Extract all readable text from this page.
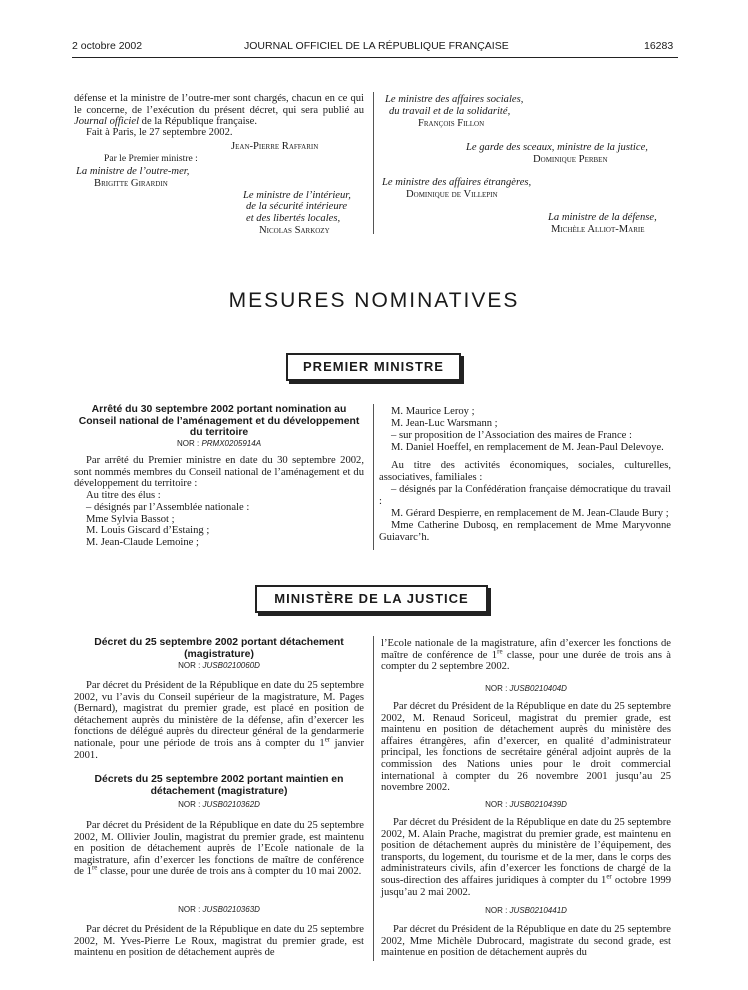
2 octobre 2002	JOURNAL OFFICIEL DE LA RÉPUBLIQUE FRANÇAISE	16283
défense et la ministre de l’outre-mer sont chargés, chacun en ce qui le concerne, de l’exécution du présent décret, qui sera publié au Journal officiel de la République française.
Fait à Paris, le 27 septembre 2002.
Jean-Pierre Raffarin
Par le Premier ministre :
La ministre de l’outre-mer,
Brigitte Girardin
Le ministre de l’intérieur,
de la sécurité intérieure
et des libertés locales,
Nicolas Sarkozy
Le ministre des affaires sociales,
du travail et de la solidarité,
François Fillon
Le garde des sceaux, ministre de la justice,
Dominique Perben
Le ministre des affaires étrangères,
Dominique de Villepin
La ministre de la défense,
Michèle Alliot-Marie
MESURES NOMINATIVES
PREMIER MINISTRE
Arrêté du 30 septembre 2002 portant nomination au Conseil national de l’aménagement et du développement du territoire
NOR : PRMX0205914A
Par arrêté du Premier ministre en date du 30 septembre 2002, sont nommés membres du Conseil national de l’aménagement et du développement du territoire :
Au titre des élus :
– désignés par l’Assemblée nationale :
Mme Sylvia Bassot ;
M. Louis Giscard d’Estaing ;
M. Jean-Claude Lemoine ;
M. Maurice Leroy ;
M. Jean-Luc Warsmann ;
– sur proposition de l’Association des maires de France :
M. Daniel Hoeffel, en remplacement de M. Jean-Paul Delevoye.
Au titre des activités économiques, sociales, culturelles, associatives, familiales :
– désignés par la Confédération française démocratique du travail :
M. Gérard Despierre, en remplacement de M. Jean-Claude Bury ;
Mme Catherine Dubosq, en remplacement de Mme Maryvonne Guiavarc’h.
MINISTÈRE DE LA JUSTICE
Décret du 25 septembre 2002 portant détachement (magistrature)
NOR : JUSB0210060D
Par décret du Président de la République en date du 25 septembre 2002, vu l’avis du Conseil supérieur de la magistrature, M. Pages (Bernard), magistrat du premier grade, est placé en position de détachement auprès du ministère de la défense, afin d’exercer les fonctions de délégué auprès du directeur général de la gendarmerie nationale, pour une période de trois ans à compter du 1er janvier 2001.
Décrets du 25 septembre 2002 portant maintien en détachement (magistrature)
NOR : JUSB0210362D
Par décret du Président de la République en date du 25 septembre 2002, M. Ollivier Joulin, magistrat du premier grade, est maintenu en position de détachement auprès de l’Ecole nationale de la magistrature, afin d’exercer les fonctions de maître de conférence de 1re classe, pour une durée de trois ans à compter du 10 mai 2002.
NOR : JUSB0210363D
Par décret du Président de la République en date du 25 septembre 2002, M. Yves-Pierre Le Roux, magistrat du premier grade, est maintenu en position de détachement auprès de
l’Ecole nationale de la magistrature, afin d’exercer les fonctions de maître de conférence de 1re classe, pour une durée de trois ans à compter du 2 septembre 2002.
NOR : JUSB0210404D
Par décret du Président de la République en date du 25 septembre 2002, M. Renaud Soriceul, magistrat du premier grade, est maintenu en position de détachement auprès du ministère des affaires étrangères, afin d’exercer, en qualité d’administrateur principal, les fonctions de secrétaire général adjoint auprès de la commission des Nations unies pour le droit commercial international à compter du 26 novembre 2001 jusqu’au 25 novembre 2002.
NOR : JUSB0210439D
Par décret du Président de la République en date du 25 septembre 2002, M. Alain Prache, magistrat du premier grade, est maintenu en position de détachement auprès du ministère de l’équipement, des transports, du logement, du tourisme et de la mer, dans le corps des administrateurs civils, afin d’exercer les fonctions de chargé de la sous-direction des affaires juridiques à compter du 1er octobre 1999 jusqu’au 2 mai 2002.
NOR : JUSB0210441D
Par décret du Président de la République en date du 25 septembre 2002, Mme Michèle Dubrocard, magistrate du second grade, est maintenue en position de détachement auprès du
